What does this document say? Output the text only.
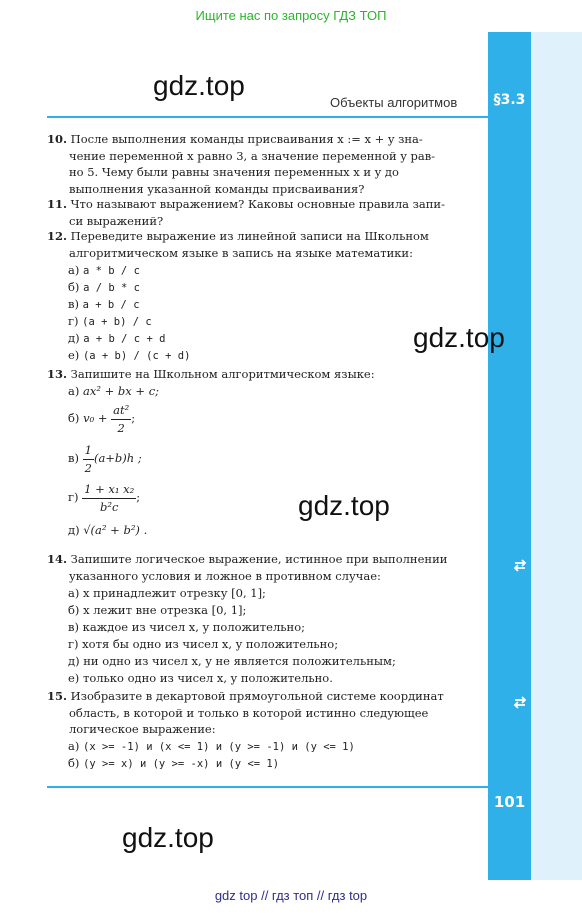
Ищите нас по запросу ГДЗ ТОП
gdz.top
Объекты алгоритмов	§3.3
10. После выполнения команды присваивания x := x + y зна-
чение переменной x равно 3, а значение переменной y рав-
но 5. Чему были равны значения переменных x и y до
выполнения указанной команды присваивания?
11. Что называют выражением? Каковы основные правила запи-
си выражений?
12. Переведите выражение из линейной записи на Школьном
алгоритмическом языке в запись на языке математики:
а) a * b / c
б) a / b * c
в) a + b / c
г) (a + b) / c
д) a + b / c + d
е) (a + b) / (c + d)
gdz.top
13. Запишите на Школьном алгоритмическом языке:
а) ax² + bx + c;
б) $v_0 + \frac{\text{at²}}{2}$ ;
$в) \frac{1}{2} (a+b)h$ ;
$г) \frac{\text{1 + x₁ x₂}}{\text{b²c}}$ ;
д) √(a² + b²) .
gdz.top
14. Запишите логическое выражение, истинное при выполнении
указанного условия и ложное в противном случае:
а) x принадлежит отрезку [0, 1];
б) x лежит вне отрезка [0, 1];
в) каждое из чисел x, y положительно;
г) хотя бы одно из чисел x, y положительно;
д) ни одно из чисел x, y не является положительным;
е) только одно из чисел x, y положительно.
15. Изобразите в декартовой прямоугольной системе координат
область, в которой и только в которой истинно следующее
логическое выражение:
а) (x >= -1) и (x <= 1) и (y >= -1) и (y <= 1)
б) (y >= x) и (y >= -x) и (y <= 1)
101
gdz.top
gdz top // гдз топ // гдз top
